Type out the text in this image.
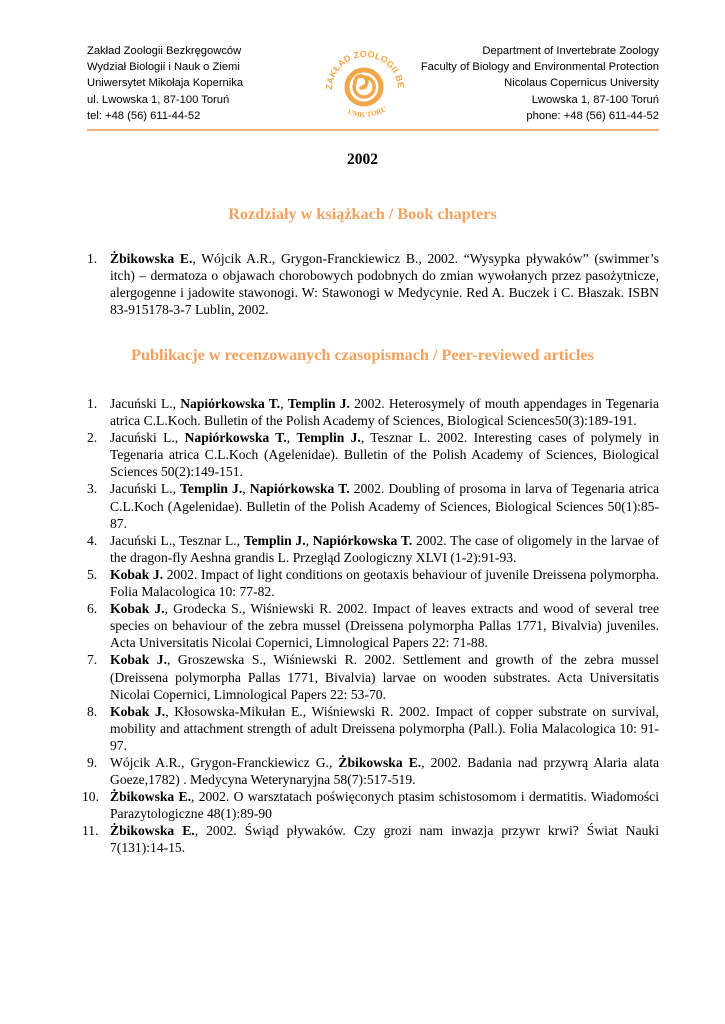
Zakład Zoologii Bezkręgowców
Wydział Biologii i Nauk o Ziemi
Uniwersytet Mikołaja Kopernika
ul. Lwowska 1, 87-100 Toruń
tel: +48 (56) 611-44-52
Department of Invertebrate Zoology
Faculty of Biology and Environmental Protection
Nicolaus Copernicus University
Lwowska 1, 87-100 Toruń
phone: +48 (56) 611-44-52
ZAKŁAD ZOOLOGII BE
UMK TORU
2002
Rozdziały w książkach / Book chapters
1. Żbikowska E., Wójcik A.R., Grygon-Franckiewicz B., 2002. “Wysypka pływaków” (swimmer’s itch) – dermatoza o objawach chorobowych podobnych do zmian wywołanych przez pasożytnicze, alergogenne i jadowite stawonogi. W: Stawonogi w Medycynie. Red A. Buczek i C. Błaszak. ISBN 83-915178-3-7 Lublin, 2002.
Publikacje w recenzowanych czasopismach / Peer-reviewed articles
1. Jacuński L., Napiórkowska T., Templin J. 2002. Heterosymely of mouth appendages in Tegenaria atrica C.L.Koch. Bulletin of the Polish Academy of Sciences, Biological Sciences50(3):189-191.
2. Jacuński L., Napiórkowska T., Templin J., Tesznar L. 2002. Interesting cases of polymely in Tegenaria atrica C.L.Koch (Agelenidae). Bulletin of the Polish Academy of Sciences, Biological Sciences 50(2):149-151.
3. Jacuński L., Templin J., Napiórkowska T. 2002. Doubling of prosoma in larva of Tegenaria atrica C.L.Koch (Agelenidae). Bulletin of the Polish Academy of Sciences, Biological Sciences 50(1):85-87.
4. Jacuński L., Tesznar L., Templin J., Napiórkowska T. 2002. The case of oligomely in the larvae of the dragon-fly Aeshna grandis L. Przegląd Zoologiczny XLVI (1-2):91-93.
5. Kobak J. 2002. Impact of light conditions on geotaxis behaviour of juvenile Dreissena polymorpha. Folia Malacologica 10: 77-82.
6. Kobak J., Grodecka S., Wiśniewski R. 2002. Impact of leaves extracts and wood of several tree species on behaviour of the zebra mussel (Dreissena polymorpha Pallas 1771, Bivalvia) juveniles. Acta Universitatis Nicolai Copernici, Limnological Papers 22: 71-88.
7. Kobak J., Groszewska S., Wiśniewski R. 2002. Settlement and growth of the zebra mussel (Dreissena polymorpha Pallas 1771, Bivalvia) larvae on wooden substrates. Acta Universitatis Nicolai Copernici, Limnological Papers 22: 53-70.
8. Kobak J., Kłosowska-Mikułan E., Wiśniewski R. 2002. Impact of copper substrate on survival, mobility and attachment strength of adult Dreissena polymorpha (Pall.). Folia Malacologica 10: 91-97.
9. Wójcik A.R., Grygon-Franckiewicz G., Żbikowska E., 2002. Badania nad przywrą Alaria alata Goeze,1782) . Medycyna Weterynaryjna 58(7):517-519.
10. Żbikowska E., 2002. O warsztatach poświęconych ptasim schistosomom i dermatitis. Wiadomości Parazytologiczne 48(1):89-90
11. Żbikowska E., 2002. Świąd pływaków. Czy grozi nam inwazja przywr krwi? Świat Nauki 7(131):14-15.
